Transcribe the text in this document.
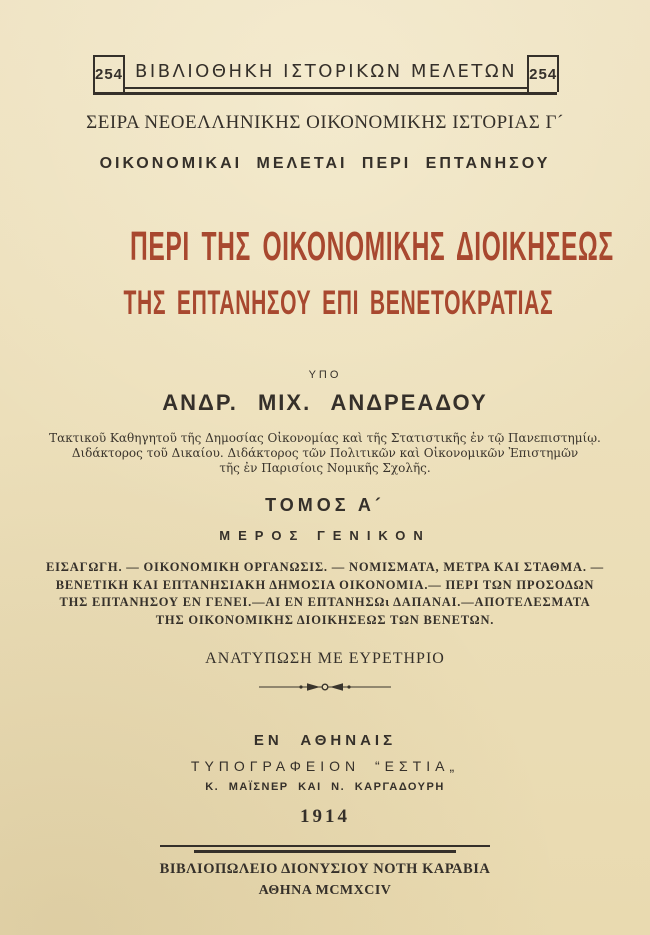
254 ΒΙΒΛΙΟΘΗΚΗ ΙΣΤΟΡΙΚΩΝ ΜΕΛΕΤΩΝ 254
ΣΕΙΡΑ ΝΕΟΕΛΛΗΝΙΚΗΣ ΟΙΚΟΝΟΜΙΚΗΣ ΙΣΤΟΡΙΑΣ Γ´
ΟΙΚΟΝΟΜΙΚΑΙ ΜΕΛΕΤΑΙ ΠΕΡΙ ΕΠΤΑΝΗΣΟΥ
ΠΕΡΙ ΤΗΣ ΟΙΚΟΝΟΜΙΚΗΣ ΔΙΟΙΚΗΣΕΩΣ
ΤΗΣ ΕΠΤΑΝΗΣΟΥ ΕΠΙ ΒΕΝΕΤΟΚΡΑΤΙΑΣ
ΥΠΟ
ΑΝΔΡ. ΜΙΧ. ΑΝΔΡΕΑΔΟΥ
Τακτικοῦ Καθηγητοῦ τῆς Δημοσίας Οἰκονομίας καὶ τῆς Στατιστικῆς ἐν τῷ Πανεπιστημίῳ.
Διδάκτορος τοῦ Δικαίου. Διδάκτορος τῶν Πολιτικῶν καὶ Οἰκονομικῶν Ἐπιστημῶν
τῆς ἐν Παρισίοις Νομικῆς Σχολῆς.
ΤΟΜΟΣ Α´
ΜΕΡΟΣ ΓΕΝΙΚΟΝ
ΕΙΣΑΓΩΓΗ. — ΟΙΚΟΝΟΜΙΚΗ ΟΡΓΑΝΩΣΙΣ. — ΝΟΜΙΣΜΑΤΑ, ΜΕΤΡΑ ΚΑΙ ΣΤΑΘΜΑ. —
ΒΕΝΕΤΙΚΗ ΚΑΙ ΕΠΤΑΝΗΣΙΑΚΗ ΔΗΜΟΣΙΑ ΟΙΚΟΝΟΜΙΑ.— ΠΕΡΙ ΤΩΝ ΠΡΟΣΟΔΩΝ
ΤΗΣ ΕΠΤΑΝΗΣΟΥ ΕΝ ΓΕΝΕΙ.—ΑΙ ΕΝ ΕΠΤΑΝΗΣΩι ΔΑΠΑΝΑΙ.—ΑΠΟΤΕΛΕΣΜΑΤΑ
ΤΗΣ ΟΙΚΟΝΟΜΙΚΗΣ ΔΙΟΙΚΗΣΕΩΣ ΤΩΝ ΒΕΝΕΤΩΝ.
ΑΝΑΤΥΠΩΣΗ ΜΕ ΕΥΡΕΤΗΡΙΟ
ΕΝ ΑΘΗΝΑΙΣ
ΤΥΠΟΓΡΑΦΕΙΟΝ “ΕΣΤΙΑ„
Κ. ΜΑΪΣΝΕΡ ΚΑΙ Ν. ΚΑΡΓΑΔΟΥΡΗ
1914
ΒΙΒΛΙΟΠΩΛΕΙΟ ΔΙΟΝΥΣΙΟΥ ΝΟΤΗ ΚΑΡΑΒΙΑ
ΑΘΗΝΑ MCMXCIV
